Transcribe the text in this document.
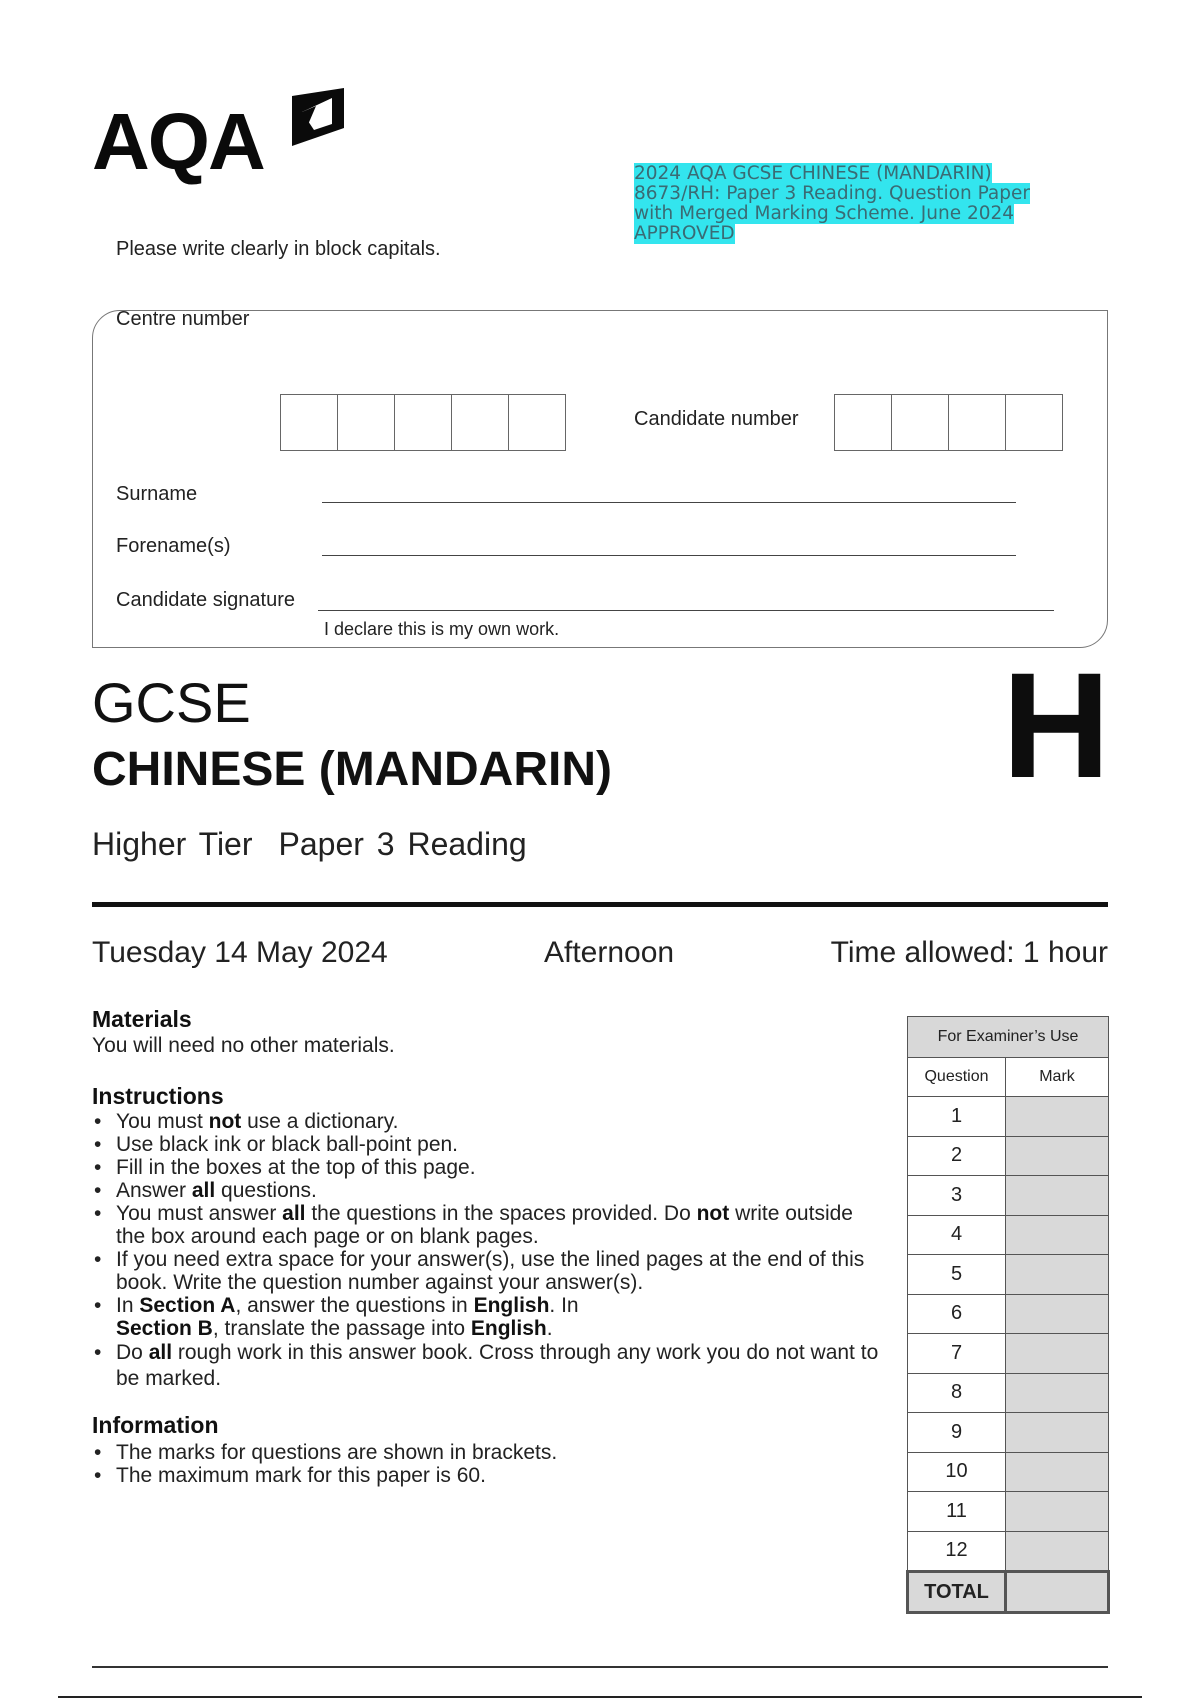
AQA	2024 AQA GCSE CHINESE (MANDARIN) 8673/RH: Paper 3 Reading. Question Paper with Merged Marking Scheme. June 2024 APPROVED
Please write clearly in block capitals.
Centre number
Candidate number
Surname
Forename(s)
Candidate signature
I declare this is my own work.
GCSE
CHINESE (MANDARIN)	H
Higher Tier Paper 3 Reading
Tuesday 14 May 2024	Afternoon	Time allowed: 1 hour
Materials
You will need no other materials.
Instructions
• You must not use a dictionary.
• Use black ink or black ball-point pen.
• Fill in the boxes at the top of this page.
• Answer all questions.
• You must answer all the questions in the spaces provided. Do not write outside the box around each page or on blank pages.
• If you need extra space for your answer(s), use the lined pages at the end of this book. Write the question number against your answer(s).
• In Section A, answer the questions in English. In
Section B, translate the passage into English.
• Do all rough work in this answer book. Cross through any work you do not want to be marked.
Information
• The marks for questions are shown in brackets.
• The maximum mark for this paper is 60.
For Examiner’s Use	
Question	Mark
1	
2	
3	
4	
5	
6	
7	
8	
9	
10	
11	
12	
TOTAL	
